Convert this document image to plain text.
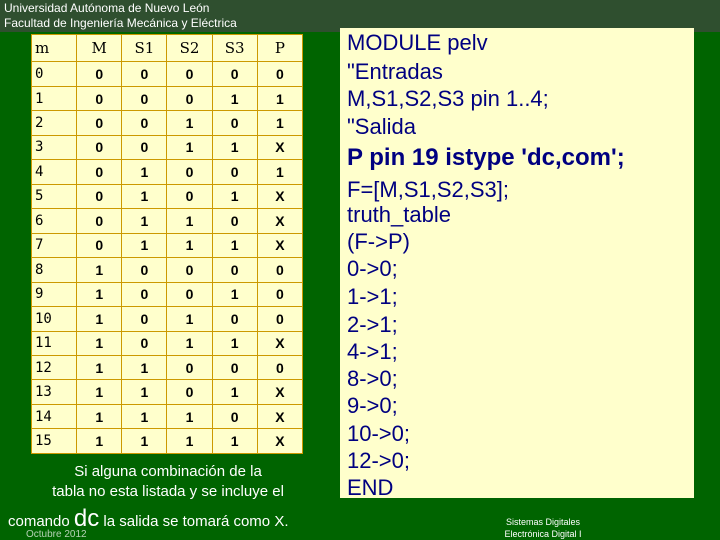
Universidad Autónoma de Nuevo León
Facultad de Ingeniería Mecánica y Eléctrica
m	M	S1	S2	S3	P
0	0	0	0	0	0
1	0	0	0	1	1
2	0	0	1	0	1
3	0	0	1	1	X
4	0	1	0	0	1
5	0	1	0	1	X
6	0	1	1	0	X
7	0	1	1	1	X
8	1	0	0	0	0
9	1	0	0	1	0
10	1	0	1	0	0
11	1	0	1	1	X
12	1	1	0	0	0
13	1	1	0	1	X
14	1	1	1	0	X
15	1	1	1	1	X
Si alguna combinación de la
tabla no esta listada y se incluye el
comando dc la salida se tomará como X.
Octubre 2012
MODULE pelv
"Entradas
M,S1,S2,S3 pin 1..4;
"Salida
P pin 19 istype 'dc,com';
F=[M,S1,S2,S3];
truth_table
(F->P)
0->0;
1->1;
2->1;
4->1;
8->0;
9->0;
10->0;
12->0;
END
Sistemas Digitales
Electrónica Digital I
